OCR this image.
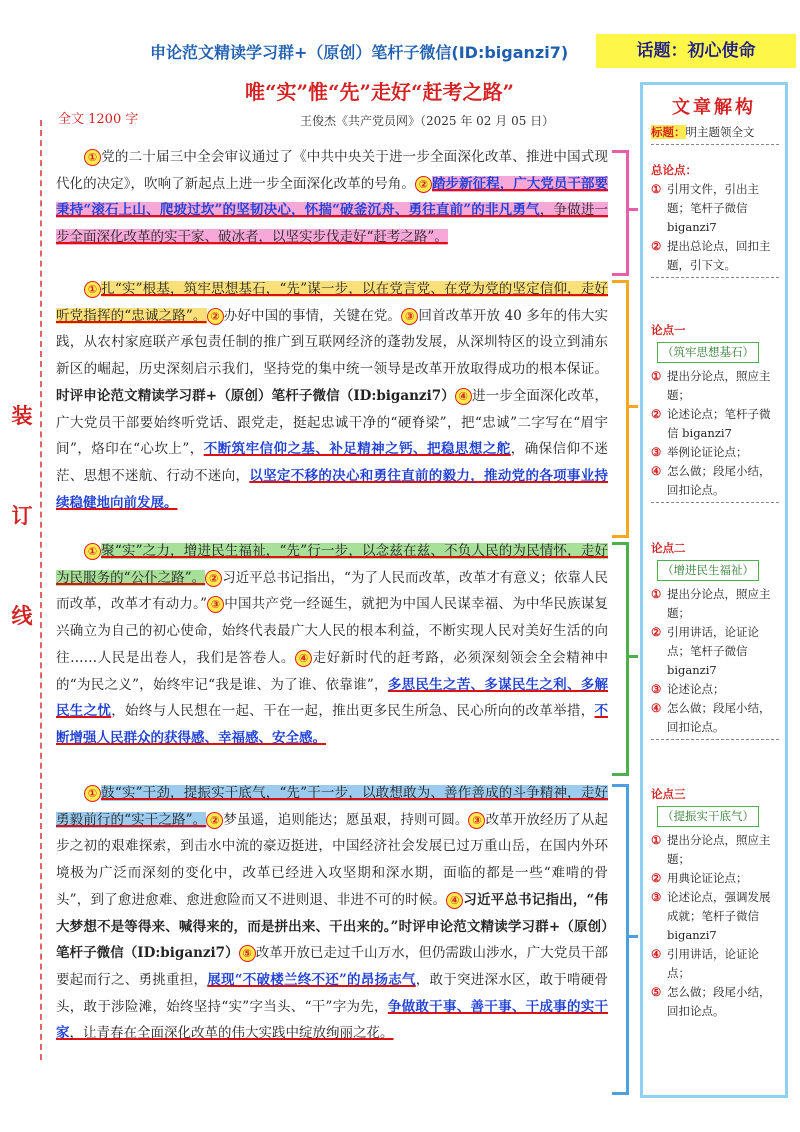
申论范文精读学习群+（原创）笔杆子微信(ID:biganzi7)	话题：初心使命
唯“实”惟“先”走好“赶考之路”
全文 1200 字	王俊杰《共产党员网》（2025 年 02 月 05 日）
装
订
线
① 党的二十届三中全会审议通过了《中共中央关于进一步全面深化改革、推进中国式现代化的决定》，吹响了新起点上进一步全面深化改革的号角。 ② 踏步新征程，广大党员干部要秉持“滚石上山、爬坡过坎”的坚韧决心，怀揣“破釜沉舟、勇往直前”的非凡勇气，争做进一步全面深化改革的实干家、破冰者，以坚实步伐走好“赶考之路”。
① 扎“实”根基，筑牢思想基石，“先”谋一步，以在党言党、在党为党的坚定信仰，走好听党指挥的“忠诚之路”。 ② 办好中国的事情，关键在党。 ③ 回首改革开放 40 多年的伟大实践，从农村家庭联产承包责任制的推广到互联网经济的蓬勃发展，从深圳特区的设立到浦东新区的崛起，历史深刻启示我们，坚持党的集中统一领导是改革开放取得成功的根本保证。时评申论范文精读学习群+（原创）笔杆子微信（ID:biganzi7） ④ 进一步全面深化改革，广大党员干部要始终听党话、跟党走，挺起忠诚干净的“硬脊梁”，把“忠诚”二字写在“眉宇间”，烙印在“心坎上”，不断筑牢信仰之基、补足精神之钙、把稳思想之舵，确保信仰不迷茫、思想不迷航、行动不迷向，以坚定不移的决心和勇往直前的毅力，推动党的各项事业持续稳健地向前发展。
① 聚“实”之力，增进民生福祉，“先”行一步，以念兹在兹、不负人民的为民情怀，走好为民服务的“公仆之路”。 ② 习近平总书记指出，“为了人民而改革，改革才有意义；依靠人民而改革，改革才有动力。” ③ 中国共产党一经诞生，就把为中国人民谋幸福、为中华民族谋复兴确立为自己的初心使命，始终代表最广大人民的根本利益，不断实现人民对美好生活的向往……人民是出卷人，我们是答卷人。 ④ 走好新时代的赶考路，必须深刻领会全会精神中的“为民之义”，始终牢记“我是谁、为了谁、依靠谁”，多思民生之苦、多谋民生之利、多解民生之忧，始终与人民想在一起、干在一起，推出更多民生所急、民心所向的改革举措，不断增强人民群众的获得感、幸福感、安全感。
① 鼓“实”干劲，提振实干底气，“先”干一步，以敢想敢为、善作善成的斗争精神，走好勇毅前行的“实干之路”。 ② 梦虽遥，追则能达；愿虽艰，持则可圆。 ③ 改革开放经历了从起步之初的艰难探索，到击水中流的豪迈挺进，中国经济社会发展已过万重山岳，在国内外环境极为广泛而深刻的变化中，改革已经进入攻坚期和深水期，面临的都是一些“难啃的骨头”，到了愈进愈难、愈进愈险而又不进则退、非进不可的时候。 ④ 习近平总书记指出，“伟大梦想不是等得来、喊得来的，而是拼出来、干出来的。”时评申论范文精读学习群+（原创）笔杆子微信（ID:biganzi7） ⑤ 改革开放已走过千山万水，但仍需跋山涉水，广大党员干部要起而行之、勇挑重担，展现“不破楼兰终不还”的昂扬志气，敢于突进深水区，敢于啃硬骨头，敢于涉险滩，始终坚持“实”字当头、“干”字为先，争做敢干事、善干事、干成事的实干家，让青春在全面深化改革的伟大实践中绽放绚丽之花。
文章解构
标题：明主题领全文
总论点：
① 引用文件，引出主题；笔杆子微信 biganzi7
② 提出总论点，回扣主题，引下文。
论点一
（筑牢思想基石）
① 提出分论点，照应主题；
② 论述论点；笔杆子微信 biganzi7
③ 举例论证论点；
④ 怎么做；段尾小结，回扣论点。
论点二
（增进民生福祉）
① 提出分论点，照应主题；
② 引用讲话，论证论点；笔杆子微信 biganzi7
③ 论述论点；
④ 怎么做；段尾小结，回扣论点。
论点三
（提振实干底气）
① 提出分论点，照应主题；
② 用典论证论点；
③ 论述论点，强调发展成就；笔杆子微信 biganzi7
④ 引用讲话，论证论点；
⑤ 怎么做；段尾小结，回扣论点。
